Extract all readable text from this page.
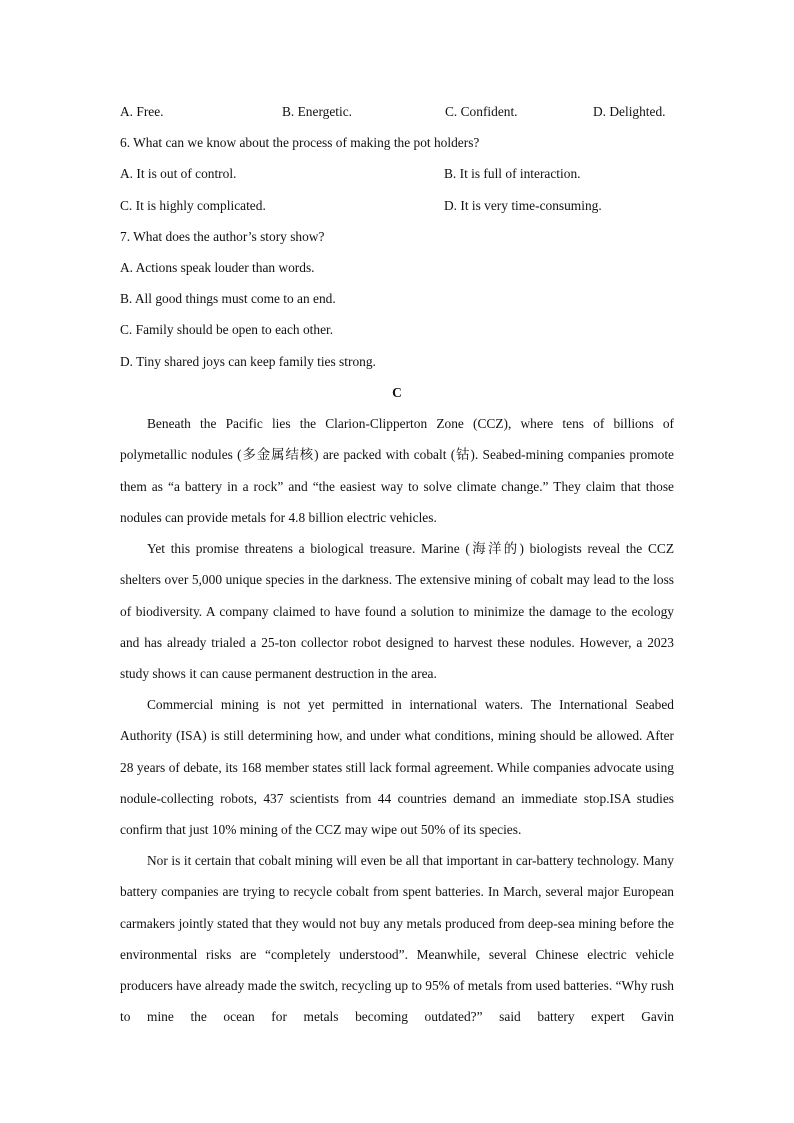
A. Free.	B. Energetic.	C. Confident.	D. Delighted.
6. What can we know about the process of making the pot holders?
A. It is out of control.	B. It is full of interaction.
C. It is highly complicated.	D. It is very time-consuming.
7. What does the author’s story show?
A. Actions speak louder than words.
B. All good things must come to an end.
C. Family should be open to each other.
D. Tiny shared joys can keep family ties strong.
C

Beneath the Pacific lies the Clarion-Clipperton Zone (CCZ), where tens of billions of polymetallic nodules (多金属结核) are packed with cobalt (钴). Seabed-mining companies promote them as “a battery in a rock” and “the easiest way to solve climate change.” They claim that those nodules can provide metals for 4.8 billion electric vehicles.

Yet this promise threatens a biological treasure. Marine (海洋的) biologists reveal the CCZ shelters over 5,000 unique species in the darkness. The extensive mining of cobalt may lead to the loss of biodiversity. A company claimed to have found a solution to minimize the damage to the ecology and has already trialed a 25-ton collector robot designed to harvest these nodules. However, a 2023 study shows it can cause permanent destruction in the area.

Commercial mining is not yet permitted in international waters. The International Seabed Authority (ISA) is still determining how, and under what conditions, mining should be allowed. After 28 years of debate, its 168 member states still lack formal agreement. While companies advocate using nodule-collecting robots, 437 scientists from 44 countries demand an immediate stop.ISA studies confirm that just 10% mining of the CCZ may wipe out 50% of its species.

Nor is it certain that cobalt mining will even be all that important in car-battery technology. Many battery companies are trying to recycle cobalt from spent batteries. In March, several major European carmakers jointly stated that they would not buy any metals produced from deep-sea mining before the environmental risks are “completely understood”. Meanwhile, several Chinese electric vehicle producers have already made the switch, recycling up to 95% of metals from used batteries. “Why rush to mine the ocean for metals becoming outdated?” said battery expert Gavin
